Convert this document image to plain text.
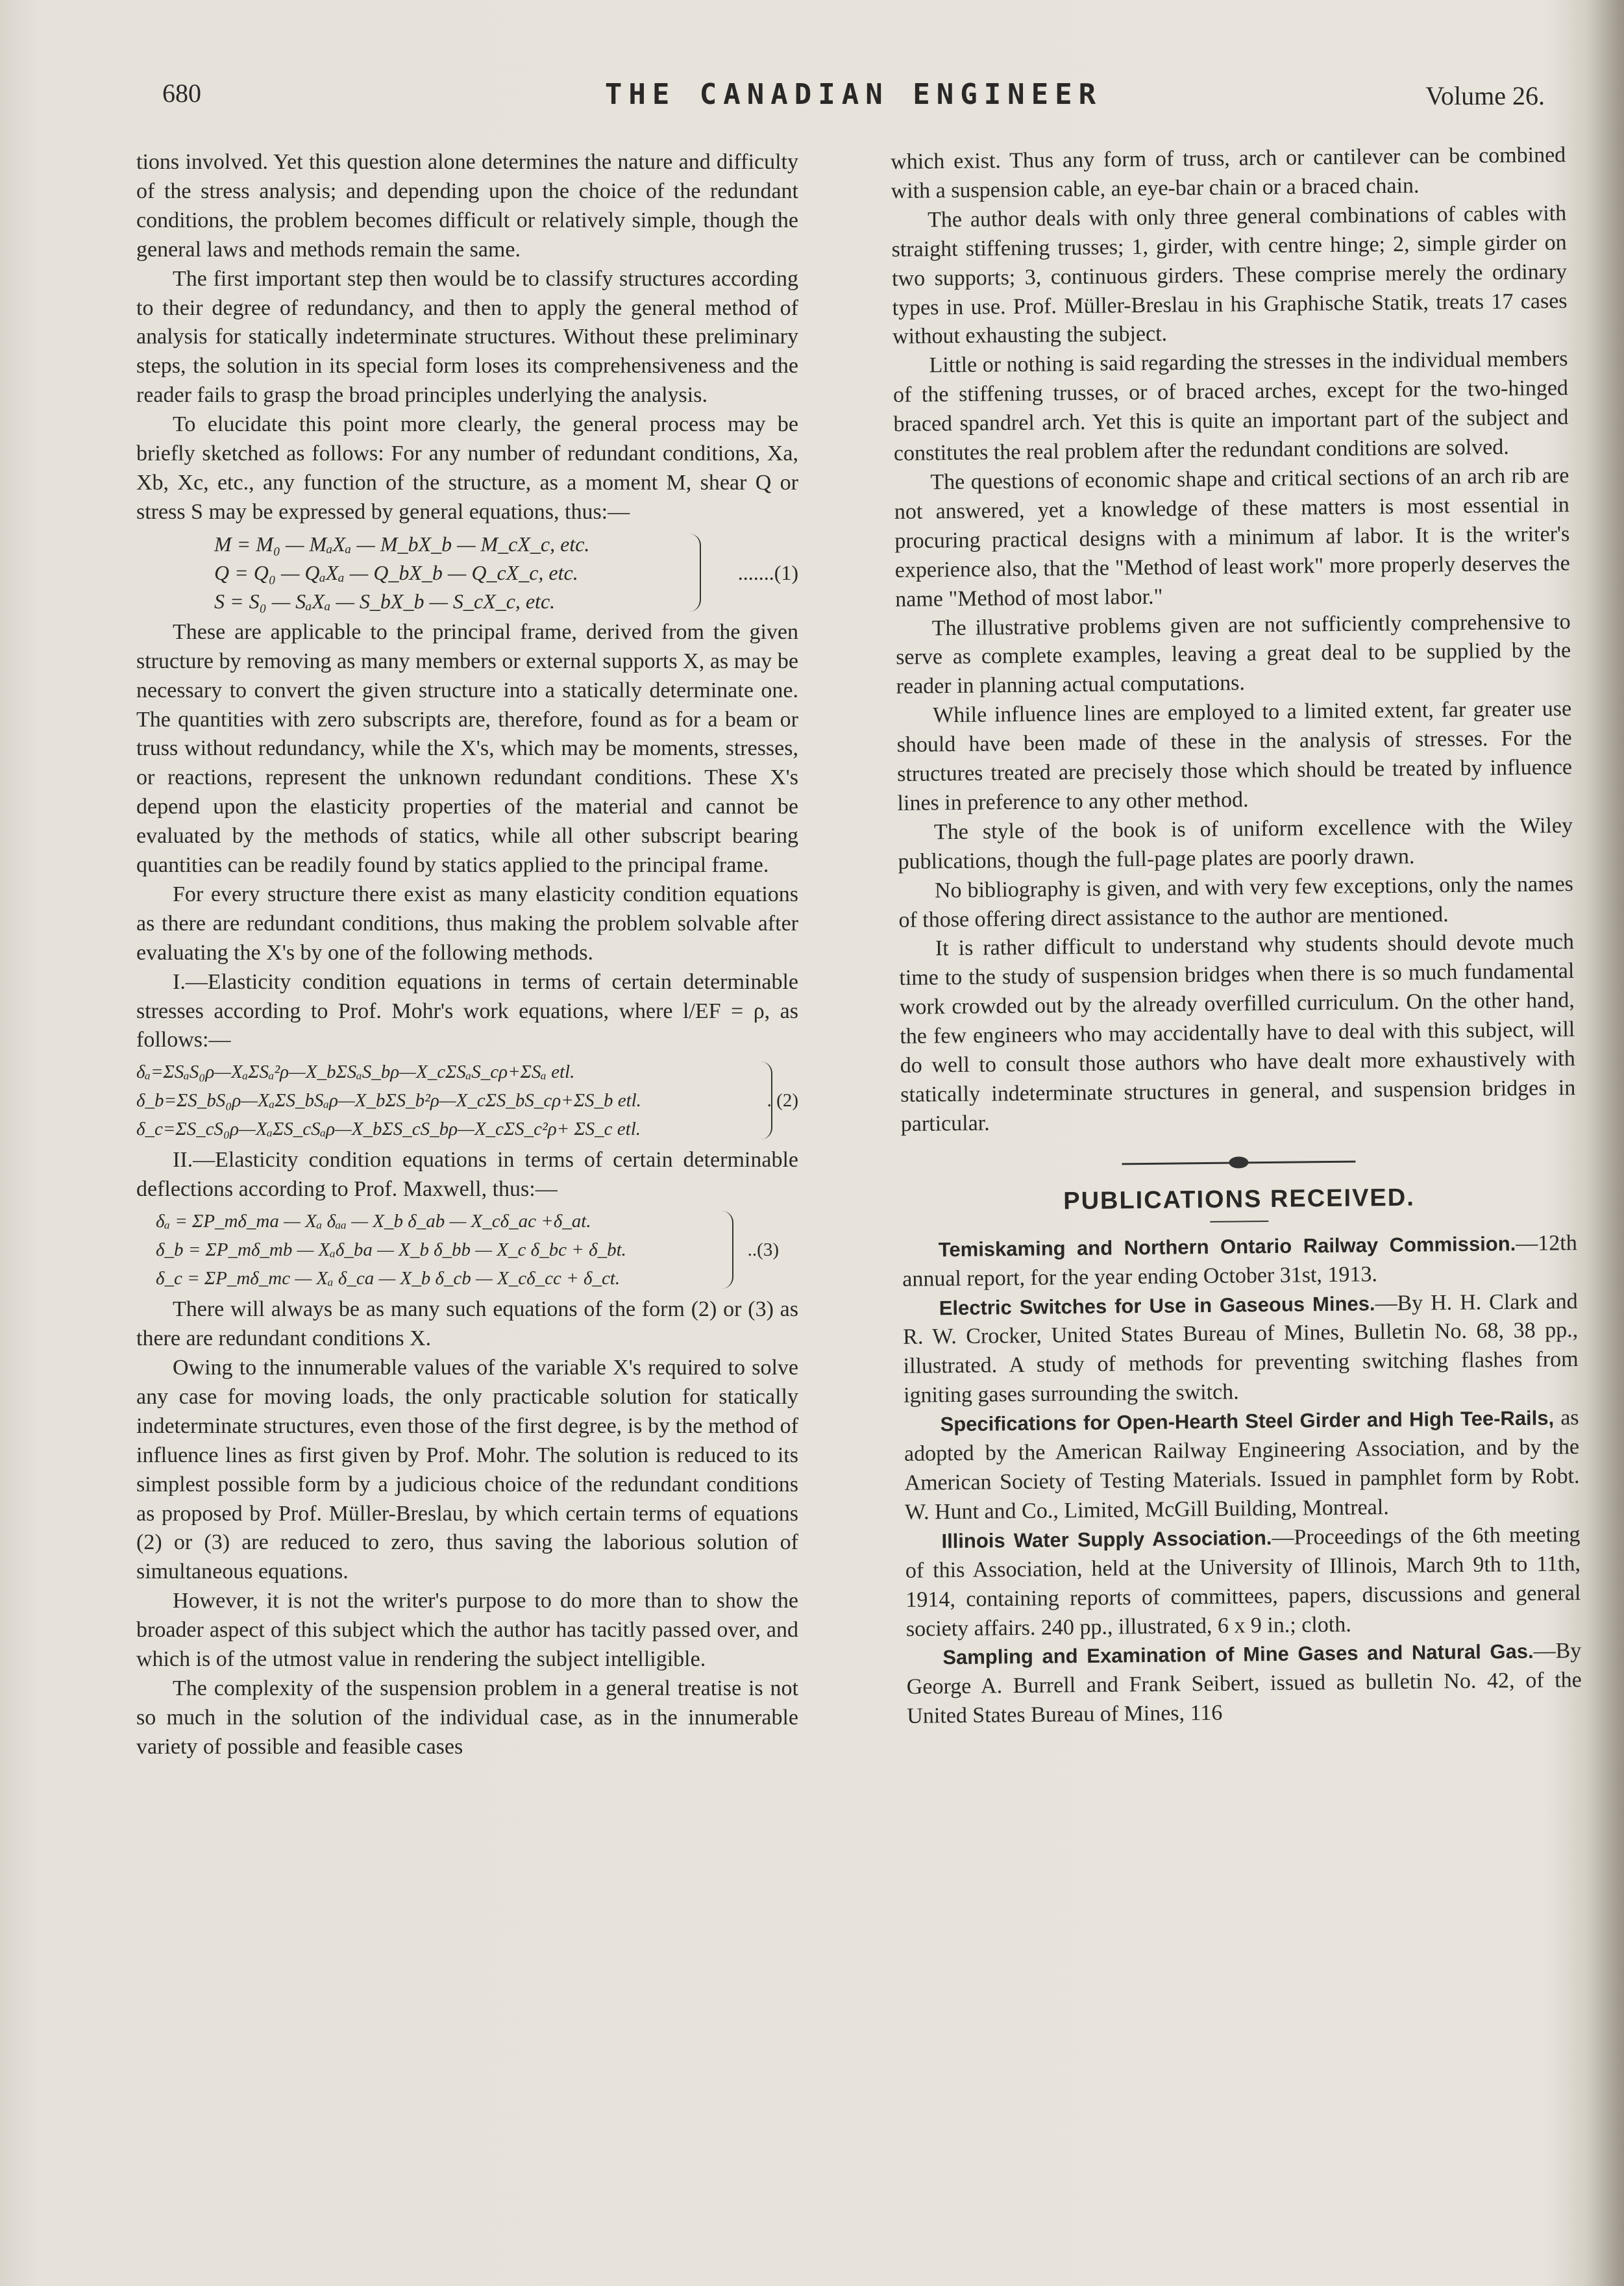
680	THE CANADIAN ENGINEER	Volume 26.

tions involved. Yet this question alone determines the nature and difficulty of the stress analysis; and depending upon the choice of the redundant conditions, the problem becomes difficult or relatively simple, though the general laws and methods remain the same.

The first important step then would be to classify structures according to their degree of redundancy, and then to apply the general method of analysis for statically indeterminate structures. Without these preliminary steps, the solution in its special form loses its comprehensiveness and the reader fails to grasp the broad principles underlying the analysis.

To elucidate this point more clearly, the general process may be briefly sketched as follows: For any number of redundant conditions, Xa, Xb, Xc, etc., any function of the structure, as a moment M, shear Q or stress S may be expressed by general equations, thus:—

M = M₀ — MₐXₐ — M_bX_b — M_cX_c, etc.
Q = Q₀ — QₐXₐ — Q_bX_b — Q_cX_c, etc.
S = S₀ — SₐXₐ — S_bX_b — S_cX_c, etc.
.......(1)

These are applicable to the principal frame, derived from the given structure by removing as many members or external supports X, as may be necessary to convert the given structure into a statically determinate one. The quantities with zero subscripts are, therefore, found as for a beam or truss without redundancy, while the X's, which may be moments, stresses, or reactions, represent the unknown redundant conditions. These X's depend upon the elasticity properties of the material and cannot be evaluated by the methods of statics, while all other subscript bearing quantities can be readily found by statics applied to the principal frame.

For every structure there exist as many elasticity condition equations as there are redundant conditions, thus making the problem solvable after evaluating the X's by one of the following methods.

I.—Elasticity condition equations in terms of certain determinable stresses according to Prof. Mohr's work equations, where l/EF = ρ, as follows:—

δₐ=ΣSₐS₀ρ—XₐΣSₐ²ρ—X_bΣSₐS_bρ—X_cΣSₐS_cρ+ΣSₐ etl.
δ_b=ΣS_bS₀ρ—XₐΣS_bSₐρ—X_bΣS_b²ρ—X_cΣS_bS_cρ+ΣS_b etl.
δ_c=ΣS_cS₀ρ—XₐΣS_cSₐρ—X_bΣS_cS_bρ—X_cΣS_c²ρ+ ΣS_c etl.
. (2)

II.—Elasticity condition equations in terms of certain determinable deflections according to Prof. Maxwell, thus:—

δₐ = ΣP_mδ_ma — Xₐ δₐₐ — X_b δ_ab — X_cδ_ac +δ_at.
δ_b = ΣP_mδ_mb — Xₐδ_ba — X_b δ_bb — X_c δ_bc + δ_bt.
δ_c = ΣP_mδ_mc — Xₐ δ_ca — X_b δ_cb — X_cδ_cc + δ_ct.
..(3)

There will always be as many such equations of the form (2) or (3) as there are redundant conditions X.

Owing to the innumerable values of the variable X's required to solve any case for moving loads, the only practicable solution for statically indeterminate structures, even those of the first degree, is by the method of influence lines as first given by Prof. Mohr. The solution is reduced to its simplest possible form by a judicious choice of the redundant conditions as proposed by Prof. Müller-Breslau, by which certain terms of equations (2) or (3) are reduced to zero, thus saving the laborious solution of simultaneous equations.

However, it is not the writer's purpose to do more than to show the broader aspect of this subject which the author has tacitly passed over, and which is of the utmost value in rendering the subject intelligible.

The complexity of the suspension problem in a general treatise is not so much in the solution of the individual case, as in the innumerable variety of possible and feasible cases

which exist. Thus any form of truss, arch or cantilever can be combined with a suspension cable, an eye-bar chain or a braced chain.

The author deals with only three general combinations of cables with straight stiffening trusses; 1, girder, with centre hinge; 2, simple girder on two supports; 3, continuous girders. These comprise merely the ordinary types in use. Prof. Müller-Breslau in his Graphische Statik, treats 17 cases without exhausting the subject.

Little or nothing is said regarding the stresses in the individual members of the stiffening trusses, or of braced arches, except for the two-hinged braced spandrel arch. Yet this is quite an important part of the subject and constitutes the real problem after the redundant conditions are solved.

The questions of economic shape and critical sections of an arch rib are not answered, yet a knowledge of these matters is most essential in procuring practical designs with a minimum af labor. It is the writer's experience also, that the "Method of least work" more properly deserves the name "Method of most labor."

The illustrative problems given are not sufficiently comprehensive to serve as complete examples, leaving a great deal to be supplied by the reader in planning actual computations.

While influence lines are employed to a limited extent, far greater use should have been made of these in the analysis of stresses. For the structures treated are precisely those which should be treated by influence lines in preference to any other method.

The style of the book is of uniform excellence with the Wiley publications, though the full-page plates are poorly drawn.

No bibliography is given, and with very few exceptions, only the names of those offering direct assistance to the author are mentioned.

It is rather difficult to understand why students should devote much time to the study of suspension bridges when there is so much fundamental work crowded out by the already overfilled curriculum. On the other hand, the few engineers who may accidentally have to deal with this subject, will do well to consult those authors who have dealt more exhaustively with statically indeterminate structures in general, and suspension bridges in particular.

PUBLICATIONS RECEIVED.

Temiskaming and Northern Ontario Railway Commission.—12th annual report, for the year ending October 31st, 1913.

Electric Switches for Use in Gaseous Mines.—By H. H. Clark and R. W. Crocker, United States Bureau of Mines, Bulletin No. 68, 38 pp., illustrated. A study of methods for preventing switching flashes from igniting gases surrounding the switch.

Specifications for Open-Hearth Steel Girder and High Tee-Rails, as adopted by the American Railway Engineering Association, and by the American Society of Testing Materials. Issued in pamphlet form by Robt. W. Hunt and Co., Limited, McGill Building, Montreal.

Illinois Water Supply Association.—Proceedings of the 6th meeting of this Association, held at the University of Illinois, March 9th to 11th, 1914, containing reports of committees, papers, discussions and general society affairs. 240 pp., illustrated, 6 x 9 in.; cloth.

Sampling and Examination of Mine Gases and Natural Gas.—By George A. Burrell and Frank Seibert, issued as bulletin No. 42, of the United States Bureau of Mines, 116
